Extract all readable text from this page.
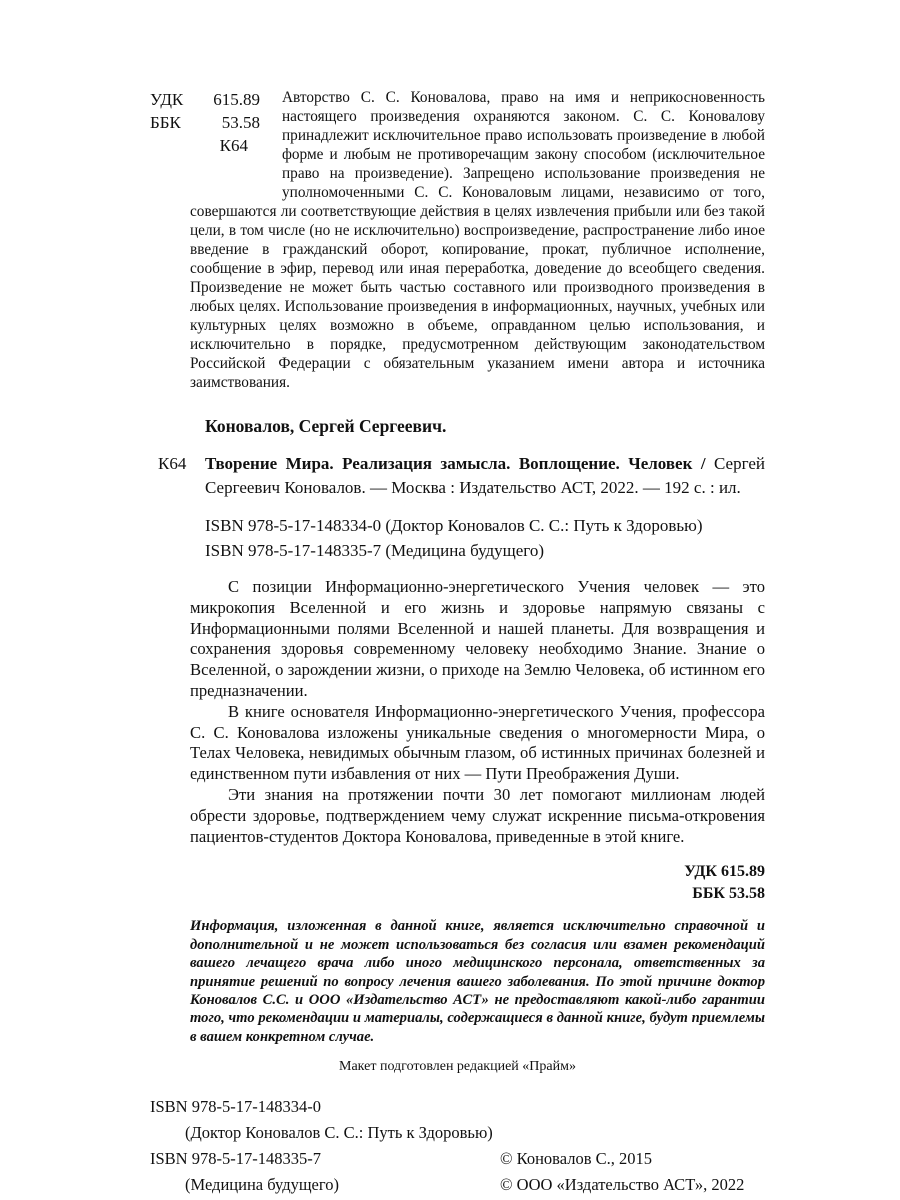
УДК 615.89
ББК 53.58
К64
Авторство С. С. Коновалова, право на имя и неприкосновенность настоящего произведения охраняются законом. С. С. Коновалову принадлежит исключительное право использовать произведение в любой форме и любым не противоречащим закону способом (исключительное право на произведение). Запрещено использование произведения не уполномоченными С. С. Коноваловым лицами, независимо от того, совершаются ли соответствующие действия в целях извлечения прибыли или без такой цели, в том числе (но не исключительно) воспроизведение, распространение либо иное введение в гражданский оборот, копирование, прокат, публичное исполнение, сообщение в эфир, перевод или иная переработка, доведение до всеобщего сведения. Произведение не может быть частью составного или производного произведения в любых целях. Использование произведения в информационных, научных, учебных или культурных целях возможно в объеме, оправданном целью использования, и исключительно в порядке, предусмотренном действующим законодательством Российской Федерации с обязательным указанием имени автора и источника заимствования.
Коновалов, Сергей Сергеевич.
К64 Творение Мира. Реализация замысла. Воплощение. Человек / Сергей Сергеевич Коновалов. — Москва : Издательство АСТ, 2022. — 192 с. : ил.
ISBN 978-5-17-148334-0 (Доктор Коновалов С. С.: Путь к Здоровью)
ISBN 978-5-17-148335-7 (Медицина будущего)

С позиции Информационно-энергетического Учения человек — это микрокопия Вселенной и его жизнь и здоровье напрямую связаны с Информационными полями Вселенной и нашей планеты. Для возвращения и сохранения здоровья современному человеку необходимо Знание. Знание о Вселенной, о зарождении жизни, о приходе на Землю Человека, об истинном его предназначении.

В книге основателя Информационно-энергетического Учения, профессора С. С. Коновалова изложены уникальные сведения о многомерности Мира, о Телах Человека, невидимых обычным глазом, об истинных причинах болезней и единственном пути избавления от них — Пути Преображения Души.

Эти знания на протяжении почти 30 лет помогают миллионам людей обрести здоровье, подтверждением чему служат искренние письма-откровения пациентов-студентов Доктора Коновалова, приведенные в этой книге.

УДК 615.89
ББК 53.58
Информация, изложенная в данной книге, является исключительно справочной и дополнительной и не может использоваться без согласия или взамен рекомендаций вашего лечащего врача либо иного медицинского персонала, ответственных за принятие решений по вопросу лечения вашего заболевания. По этой причине доктор Коновалов С.С. и ООО «Издательство АСТ» не предоставляют какой-либо гарантии того, что рекомендации и материалы, содержащиеся в данной книге, будут приемлемы в вашем конкретном случае.
Макет подготовлен редакцией «Прайм»
ISBN 978-5-17-148334-0
(Доктор Коновалов С. С.: Путь к Здоровью)
ISBN 978-5-17-148335-7	© Коновалов С., 2015
(Медицина будущего)	© ООО «Издательство АСТ», 2022
